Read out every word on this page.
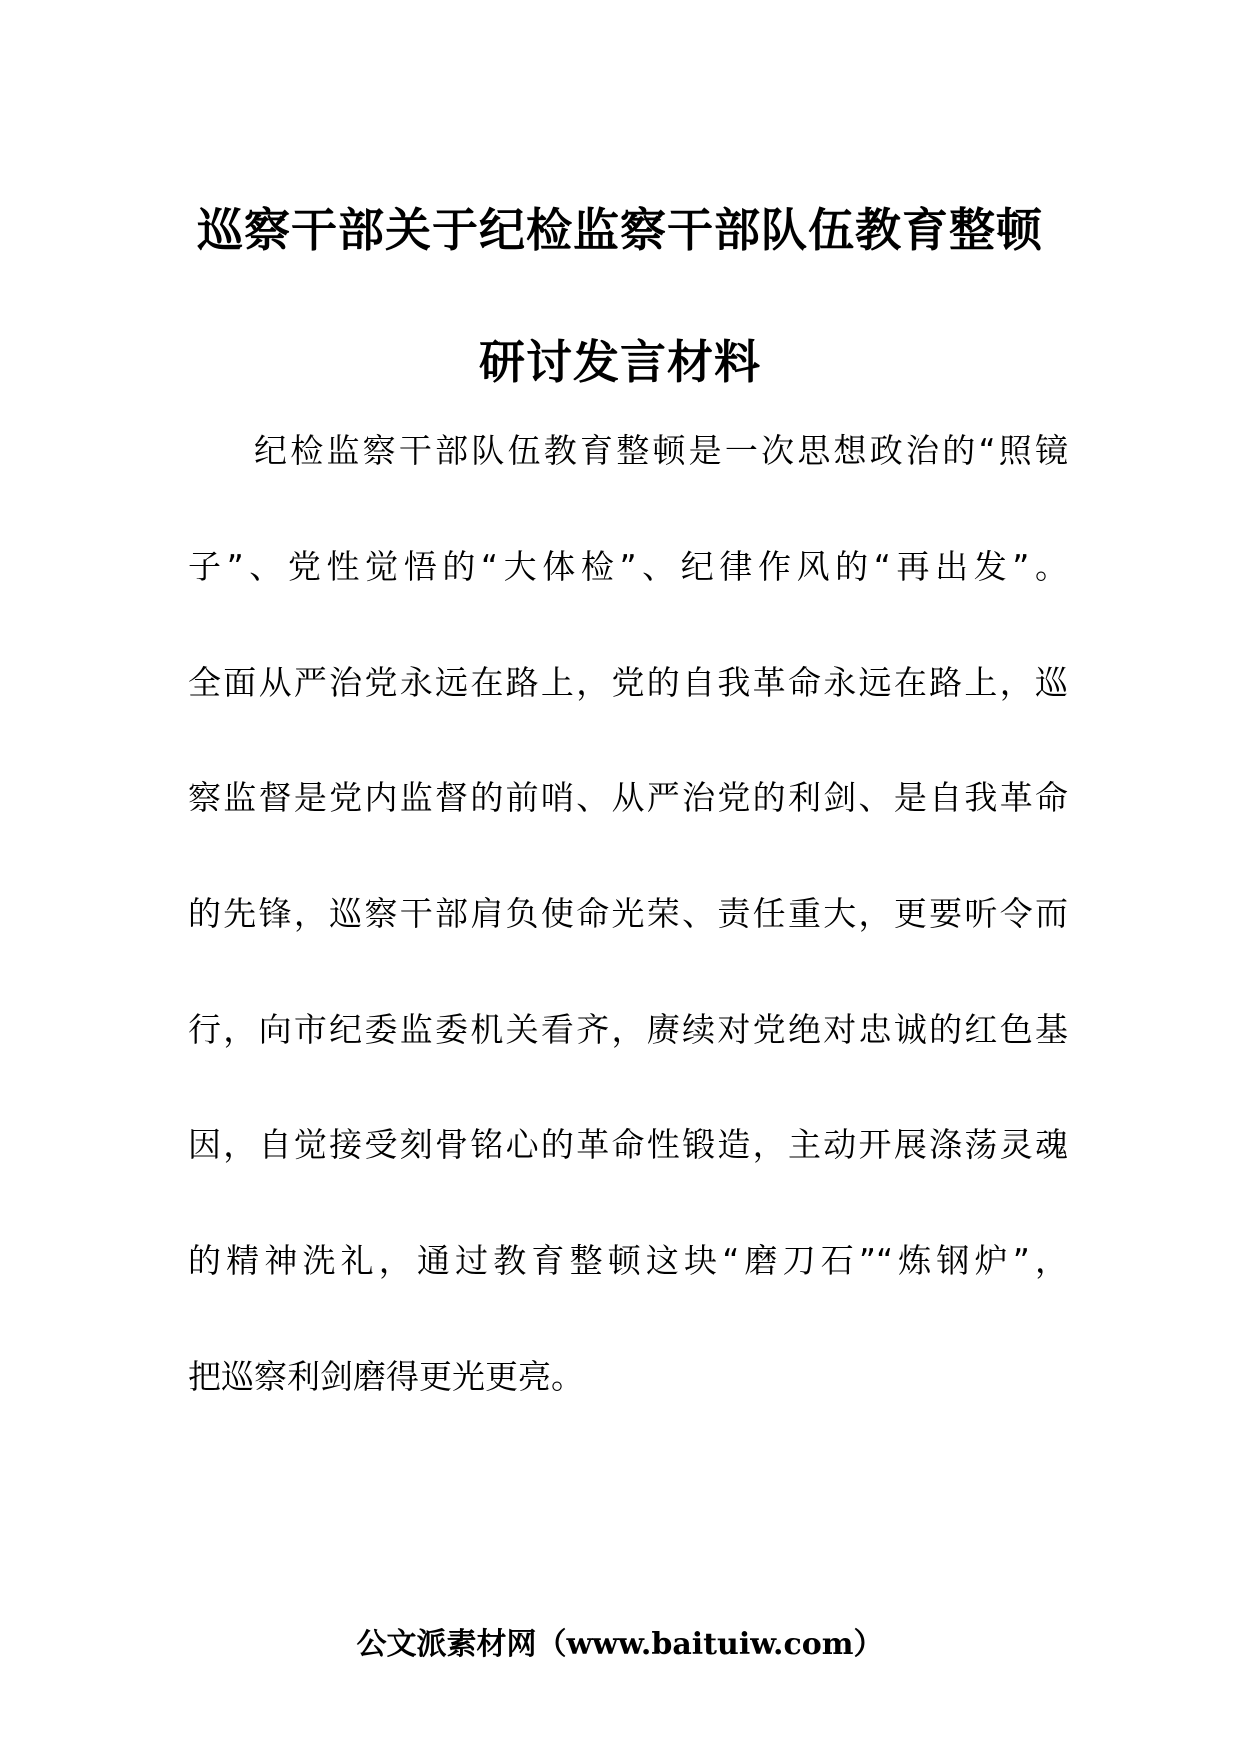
巡察干部关于纪检监察干部队伍教育整顿
研讨发言材料
纪检监察干部队伍教育整顿是一次思想政治的“照镜
子”、党性觉悟的“大体检”、纪律作风的“再出发”。
全面从严治党永远在路上，党的自我革命永远在路上，巡
察监督是党内监督的前哨、从严治党的利剑、是自我革命
的先锋，巡察干部肩负使命光荣、责任重大，更要听令而
行，向市纪委监委机关看齐，赓续对党绝对忠诚的红色基
因，自觉接受刻骨铭心的革命性锻造，主动开展涤荡灵魂
的精神洗礼，通过教育整顿这块“磨刀石”“炼钢炉”，
把巡察利剑磨得更光更亮。
公文派素材网（www.baituiw.com）
